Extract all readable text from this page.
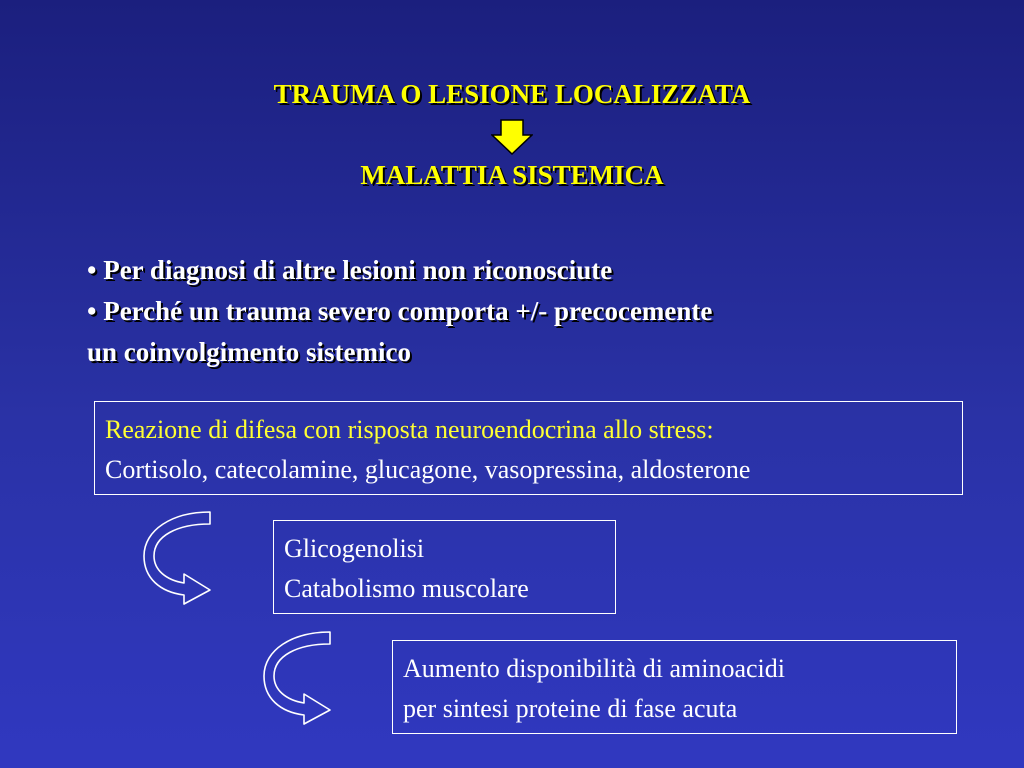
TRAUMA O LESIONE LOCALIZZATA
MALATTIA SISTEMICA
• Per diagnosi di altre lesioni non riconosciute
• Perché un trauma severo comporta +/- precocemente
un coinvolgimento sistemico
Reazione di difesa con risposta neuroendocrina allo stress:
Cortisolo, catecolamine, glucagone, vasopressina, aldosterone
Glicogenolisi
Catabolismo muscolare
Aumento disponibilità di aminoacidi
per sintesi proteine di fase acuta
